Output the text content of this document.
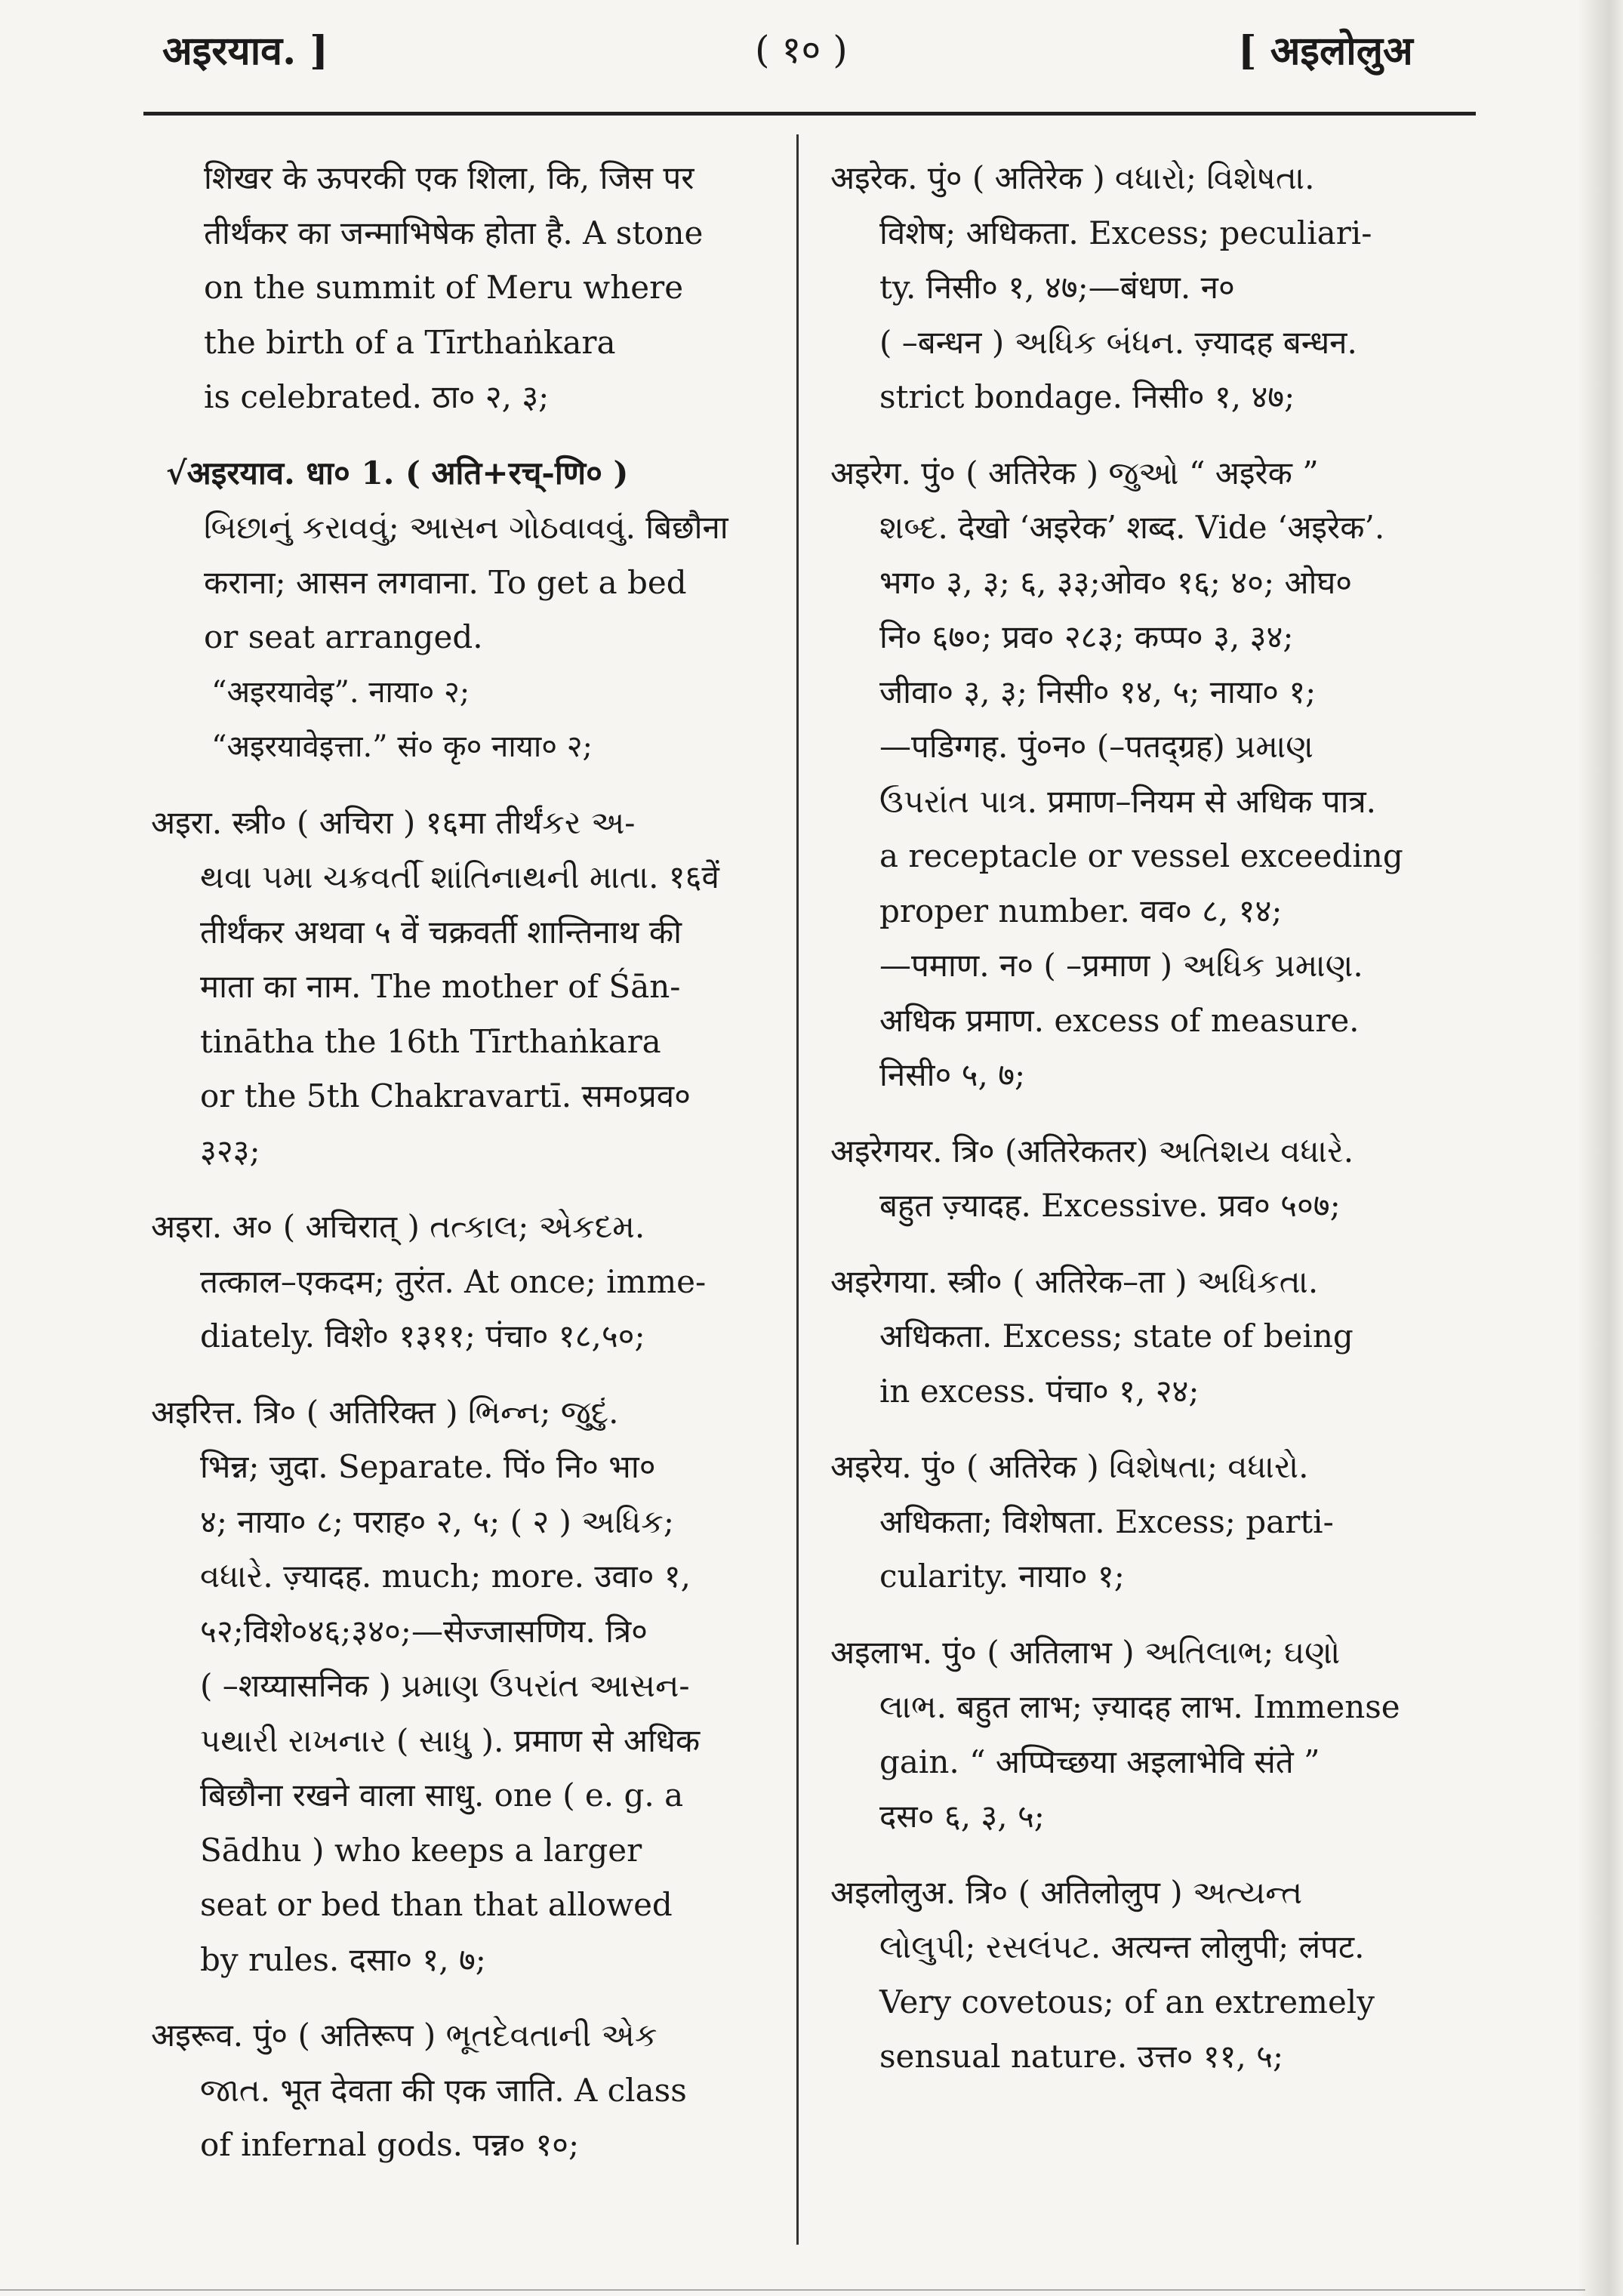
अइरयाव. ]	( १० )	[ अइलोलुअ
शिखर के ऊपरकी एक शिला, कि, जिस पर
तीर्थंकर का जन्माभिषेक होता है. A stone
on the summit of Meru where
the birth of a Tīrthaṅkara
is celebrated. ठा० २, ३;
√अइरयाव. धा० 1. ( अति+रच्-णि० )
બિછાનું કરાવવું; આસન ગોઠવાવવું. बिछौना
कराना; आसन लगवाना. To get a bed
or seat arranged.
“अइरयावेइ”. नाया० २;
“अइरयावेइत्ता.” सं० कृ० नाया० २;
अइरा. स्त्री० ( अचिरा ) १६मा तीर्थंકર અ-
થવા ૫મા ચક્રવર્તી શાંતિનાથની માતા. १६वें
तीर्थंकर अथवा ५ वें चक्रवर्ती शान्तिनाथ की
माता का नाम. The mother of Śān-
tinātha the 16th Tīrthaṅkara
or the 5th Chakravartī. सम०प्रव०
३२३;
अइरा. अ० ( अचिरात् ) તત્કાલ; એકદમ.
तत्काल–एकदम; तुरंत. At once; imme-
diately. विशे० १३११; पंचा० १८,५०;
अइरित्त. त्रि० ( अतिरिक्त ) ભિન્ન; જુદું.
भिन्न; जुदा. Separate. पिं० नि० भा०
४; नाया० ८; पराह० २, ५; ( २ ) અધિક;
વધારે. ज़्यादह. much; more. उवा० १,
५२;विशे०४६;३४०;—सेज्जासणिय. त्रि०
( –शय्यासनिक ) પ્રમાણ ઉપરાંત આસન-
પથારી રાખનાર ( સાધુ ). प्रमाण से अधिक
बिछौना रखने वाला साधु. one ( e. g. a
Sādhu ) who keeps a larger
seat or bed than that allowed
by rules. दसा० १, ७;
अइरूव. पुं० ( अतिरूप ) ભૂતદેવતાની એક
જાત. भूत देवता की एक जाति. A class
of infernal gods. पन्न० १०;
अइरेक. पुं० ( अतिरेक ) વધારો; વિશેષતા.
विशेष; अधिकता. Excess; peculiari-
ty. निसी० १, ४७;—बंधण. न०
( –बन्धन ) અધિક બંધન. ज़्यादह बन्धन.
strict bondage. निसी० १, ४७;
अइरेग. पुं० ( अतिरेक ) જુઓ “ अइरेक ”
શબ્દ. देखो ‘अइरेक’ शब्द. Vide ‘अइरेक’.
भग० ३, ३; ६, ३३;ओव० १६; ४०; ओघ०
नि० ६७०; प्रव० २८३; कप्प० ३, ३४;
जीवा० ३, ३; निसी० १४, ५; नाया० १;
—पडिग्गह. पुं०न० (–पतद्ग्रह) પ્રમાણ
ઉપરાંત પાત્ર. प्रमाण–नियम से अधिक पात्र.
a receptacle or vessel exceeding
proper number. वव० ८, १४;
—पमाण. न० ( –प्रमाण ) અધિક પ્રમાણ.
अधिक प्रमाण. excess of measure.
निसी० ५, ७;
अइरेगयर. त्रि० (अतिरेकतर) અતિશય વધારે.
बहुत ज़्यादह. Excessive. प्रव० ५०७;
अइरेगया. स्त्री० ( अतिरेक–ता ) અધિકતા.
अधिकता. Excess; state of being
in excess. पंचा० १, २४;
अइरेय. पुं० ( अतिरेक ) વિશેષતા; વધારો.
अधिकता; विशेषता. Excess; parti-
cularity. नाया० १;
अइलाभ. पुं० ( अतिलाभ ) અતિલાભ; ઘણો
લાભ. बहुत लाभ; ज़्यादह लाभ. Immense
gain. “ अप्पिच्छया अइलाभेवि संते ”
दस० ६, ३, ५;
अइलोलुअ. त्रि० ( अतिलोलुप ) અત્યન્ત
લોલુપી; રસલંપટ. अत्यन्त लोलुपी; लंपट.
Very covetous; of an extremely
sensual nature. उत्त० ११, ५;
